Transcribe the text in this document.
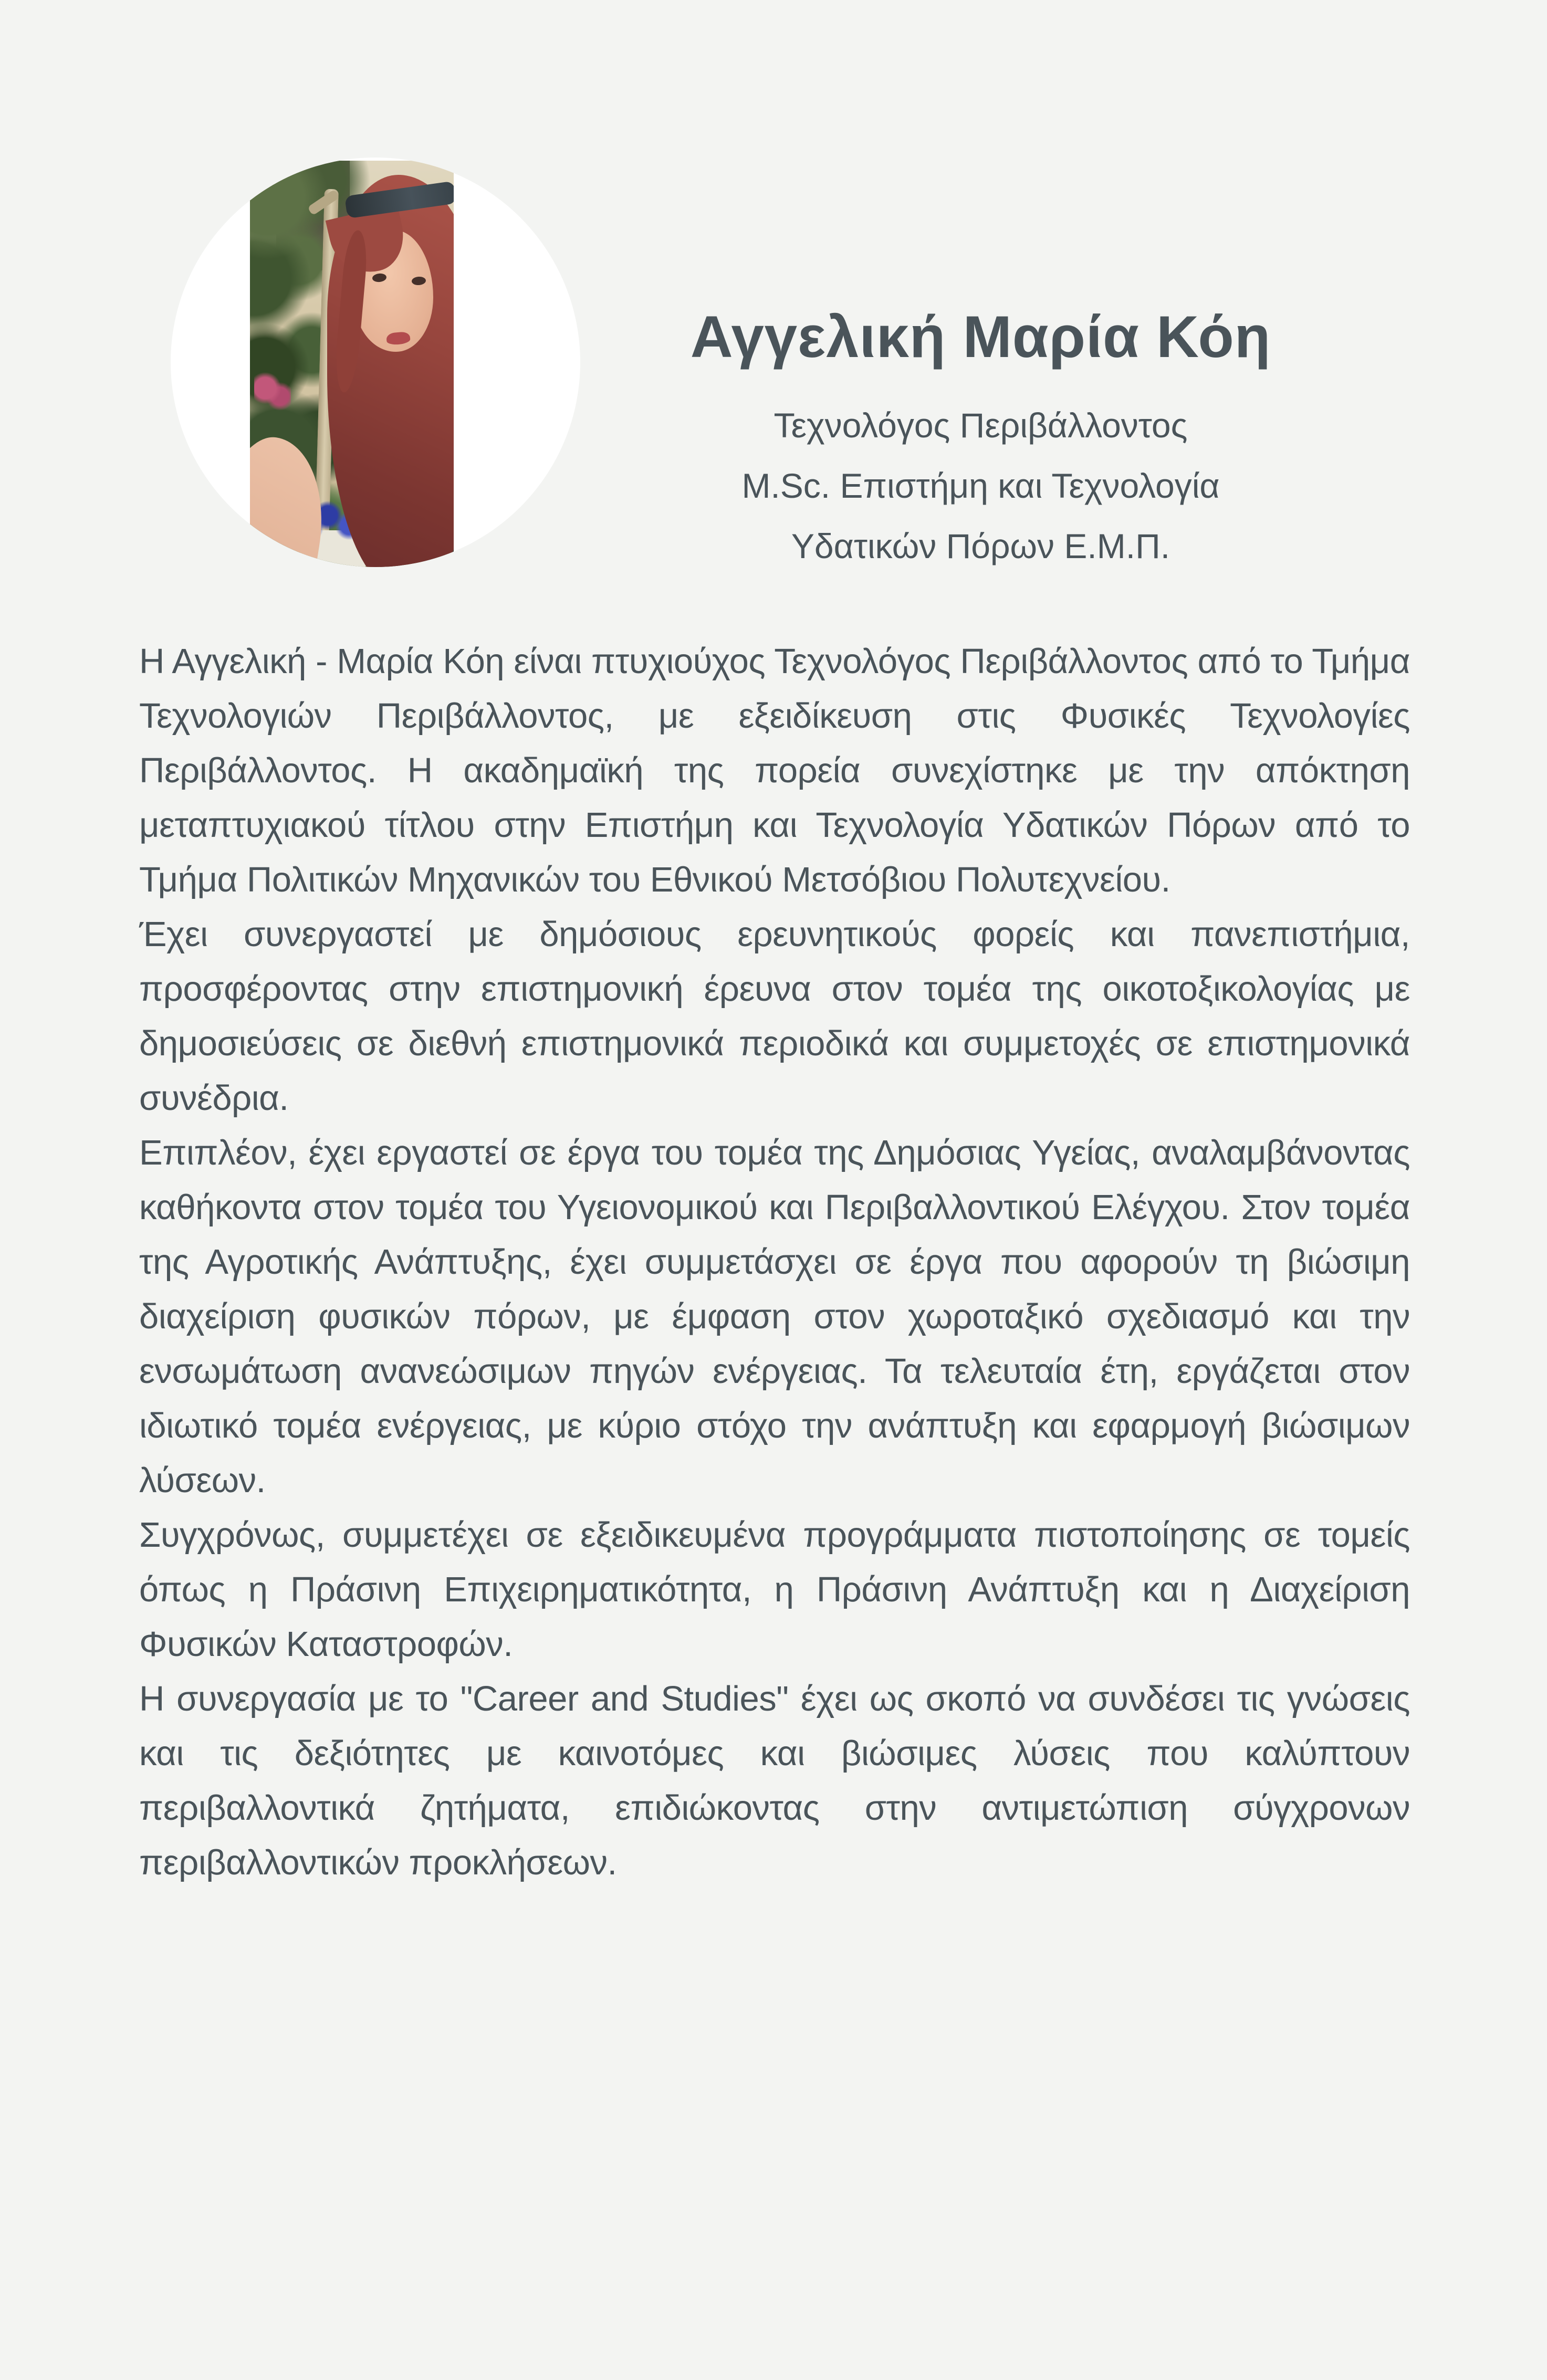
Αγγελική Μαρία Κόη
Τεχνολόγος Περιβάλλοντος
M.Sc. Επιστήμη και Τεχνολογία
Υδατικών Πόρων Ε.Μ.Π.

Η Αγγελική - Μαρία Κόη είναι πτυχιούχος Τεχνολόγος Περιβάλλοντος από το Τμήμα Τεχνολογιών Περιβάλλοντος, με εξειδίκευση στις Φυσικές Τεχνολογίες Περιβάλλοντος. Η ακαδημαϊκή της πορεία συνεχίστηκε με την απόκτηση μεταπτυχιακού τίτλου στην Επιστήμη και Τεχνολογία Υδατικών Πόρων από το Τμήμα Πολιτικών Μηχανικών του Εθνικού Μετσόβιου Πολυτεχνείου.

Έχει συνεργαστεί με δημόσιους ερευνητικούς φορείς και πανεπιστήμια, προσφέροντας στην επιστημονική έρευνα στον τομέα της οικοτοξικολογίας με δημοσιεύσεις σε διεθνή επιστημονικά περιοδικά και συμμετοχές σε επιστημονικά συνέδρια.

Επιπλέον, έχει εργαστεί σε έργα του τομέα της Δημόσιας Υγείας, αναλαμβάνοντας καθήκοντα στον τομέα του Υγειονομικού και Περιβαλλοντικού Ελέγχου. Στον τομέα της Αγροτικής Ανάπτυξης, έχει συμμετάσχει σε έργα που αφορούν τη βιώσιμη διαχείριση φυσικών πόρων, με έμφαση στον χωροταξικό σχεδιασμό και την ενσωμάτωση ανανεώσιμων πηγών ενέργειας. Τα τελευταία έτη, εργάζεται στον ιδιωτικό τομέα ενέργειας, με κύριο στόχο την ανάπτυξη και εφαρμογή βιώσιμων λύσεων.

Συγχρόνως, συμμετέχει σε εξειδικευμένα προγράμματα πιστοποίησης σε τομείς όπως η Πράσινη Επιχειρηματικότητα, η Πράσινη Ανάπτυξη και η Διαχείριση Φυσικών Καταστροφών.

Η συνεργασία με το "Career and Studies" έχει ως σκοπό να συνδέσει τις γνώσεις και τις δεξιότητες με καινοτόμες και βιώσιμες λύσεις που καλύπτουν περιβαλλοντικά ζητήματα, επιδιώκοντας στην αντιμετώπιση σύγχρονων περιβαλλοντικών προκλήσεων.
